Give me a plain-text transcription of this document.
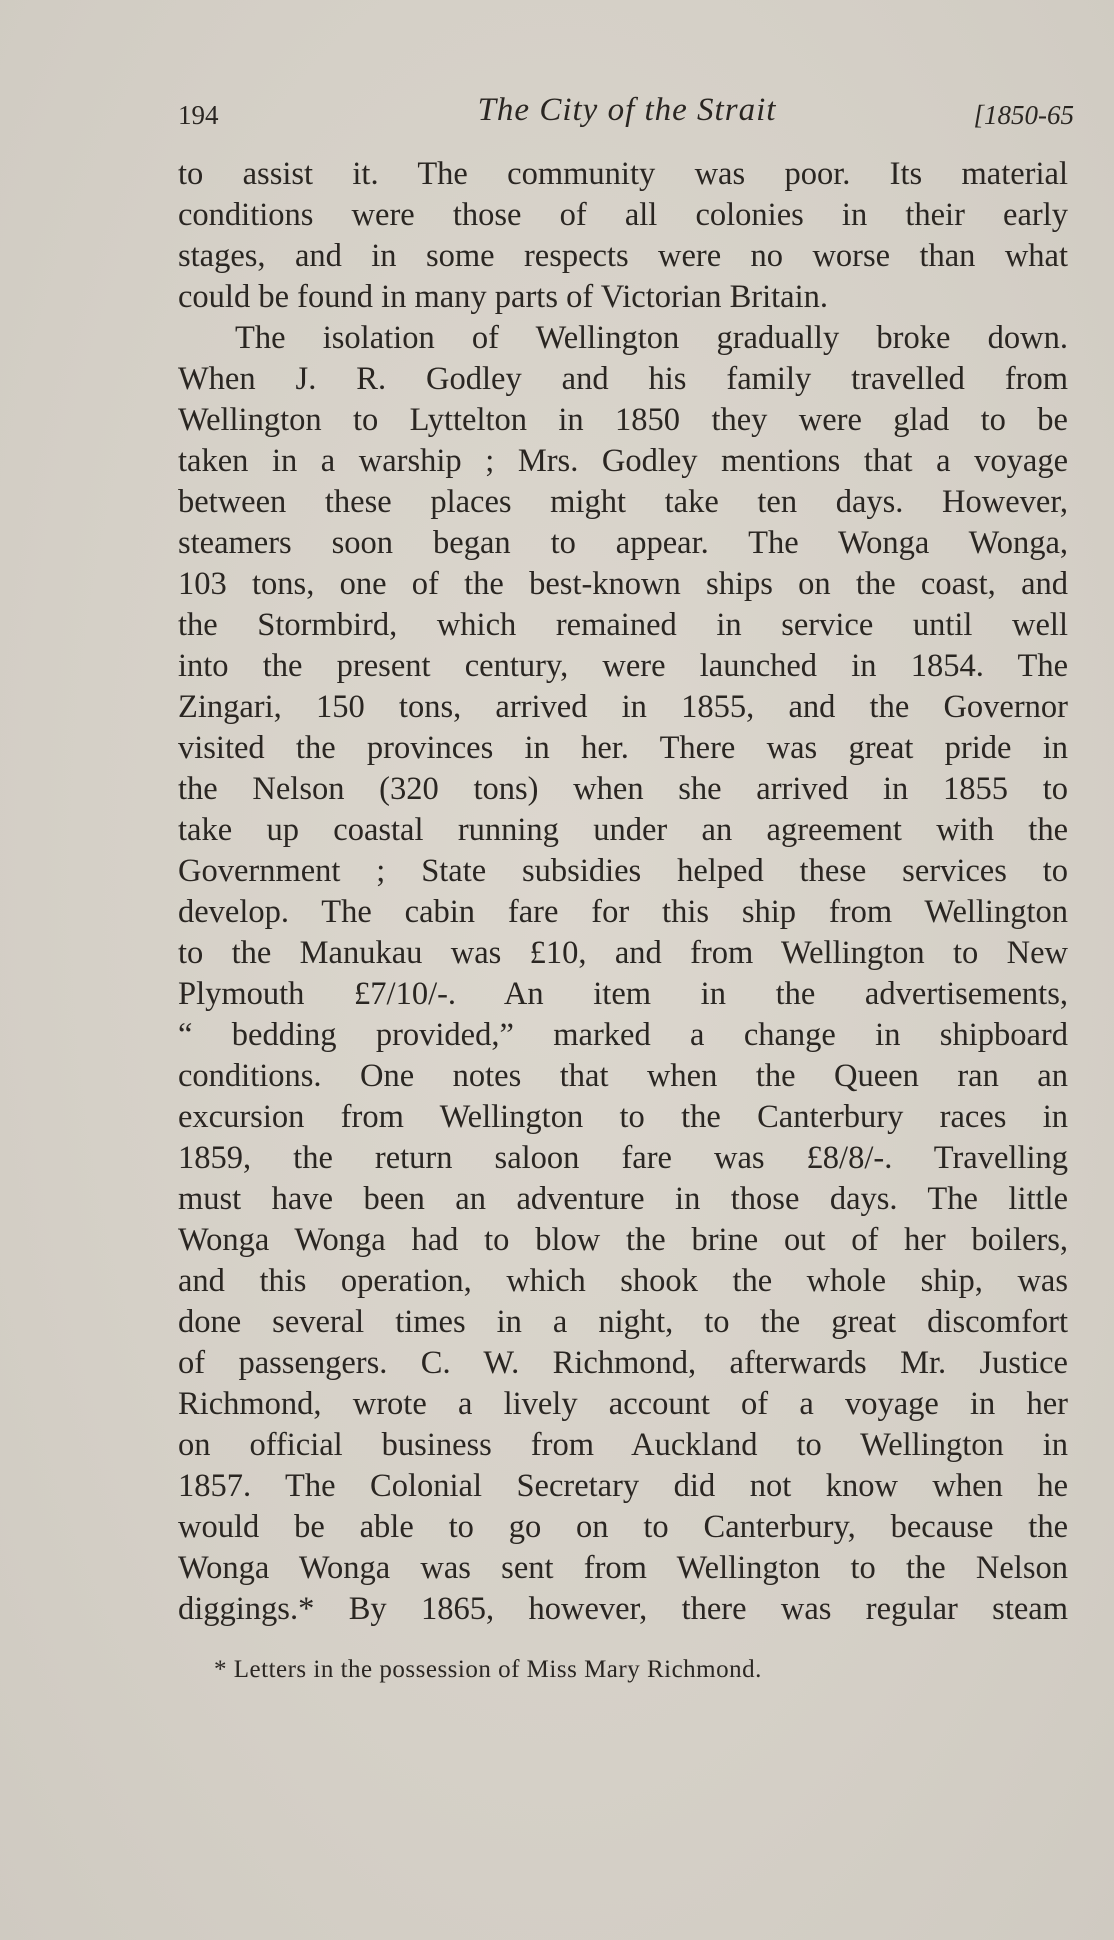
194	The City of the Strait	[1850-65
to assist it. The community was poor. Its material
conditions were those of all colonies in their early
stages, and in some respects were no worse than what
could be found in many parts of Victorian Britain.
The isolation of Wellington gradually broke down.
When J. R. Godley and his family travelled from
Wellington to Lyttelton in 1850 they were glad to be
taken in a warship ; Mrs. Godley mentions that a voyage
between these places might take ten days. However,
steamers soon began to appear. The Wonga Wonga,
103 tons, one of the best-known ships on the coast, and
the Stormbird, which remained in service until well
into the present century, were launched in 1854. The
Zingari, 150 tons, arrived in 1855, and the Governor
visited the provinces in her. There was great pride in
the Nelson (320 tons) when she arrived in 1855 to
take up coastal running under an agreement with the
Government ; State subsidies helped these services to
develop. The cabin fare for this ship from Wellington
to the Manukau was £10, and from Wellington to New
Plymouth £7/10/-. An item in the advertisements,
“ bedding provided,” marked a change in shipboard
conditions. One notes that when the Queen ran an
excursion from Wellington to the Canterbury races in
1859, the return saloon fare was £8/8/-. Travelling
must have been an adventure in those days. The little
Wonga Wonga had to blow the brine out of her boilers,
and this operation, which shook the whole ship, was
done several times in a night, to the great discomfort
of passengers. C. W. Richmond, afterwards Mr. Justice
Richmond, wrote a lively account of a voyage in her
on official business from Auckland to Wellington in
1857. The Colonial Secretary did not know when he
would be able to go on to Canterbury, because the
Wonga Wonga was sent from Wellington to the Nelson
diggings.* By 1865, however, there was regular steam
* Letters in the possession of Miss Mary Richmond.
